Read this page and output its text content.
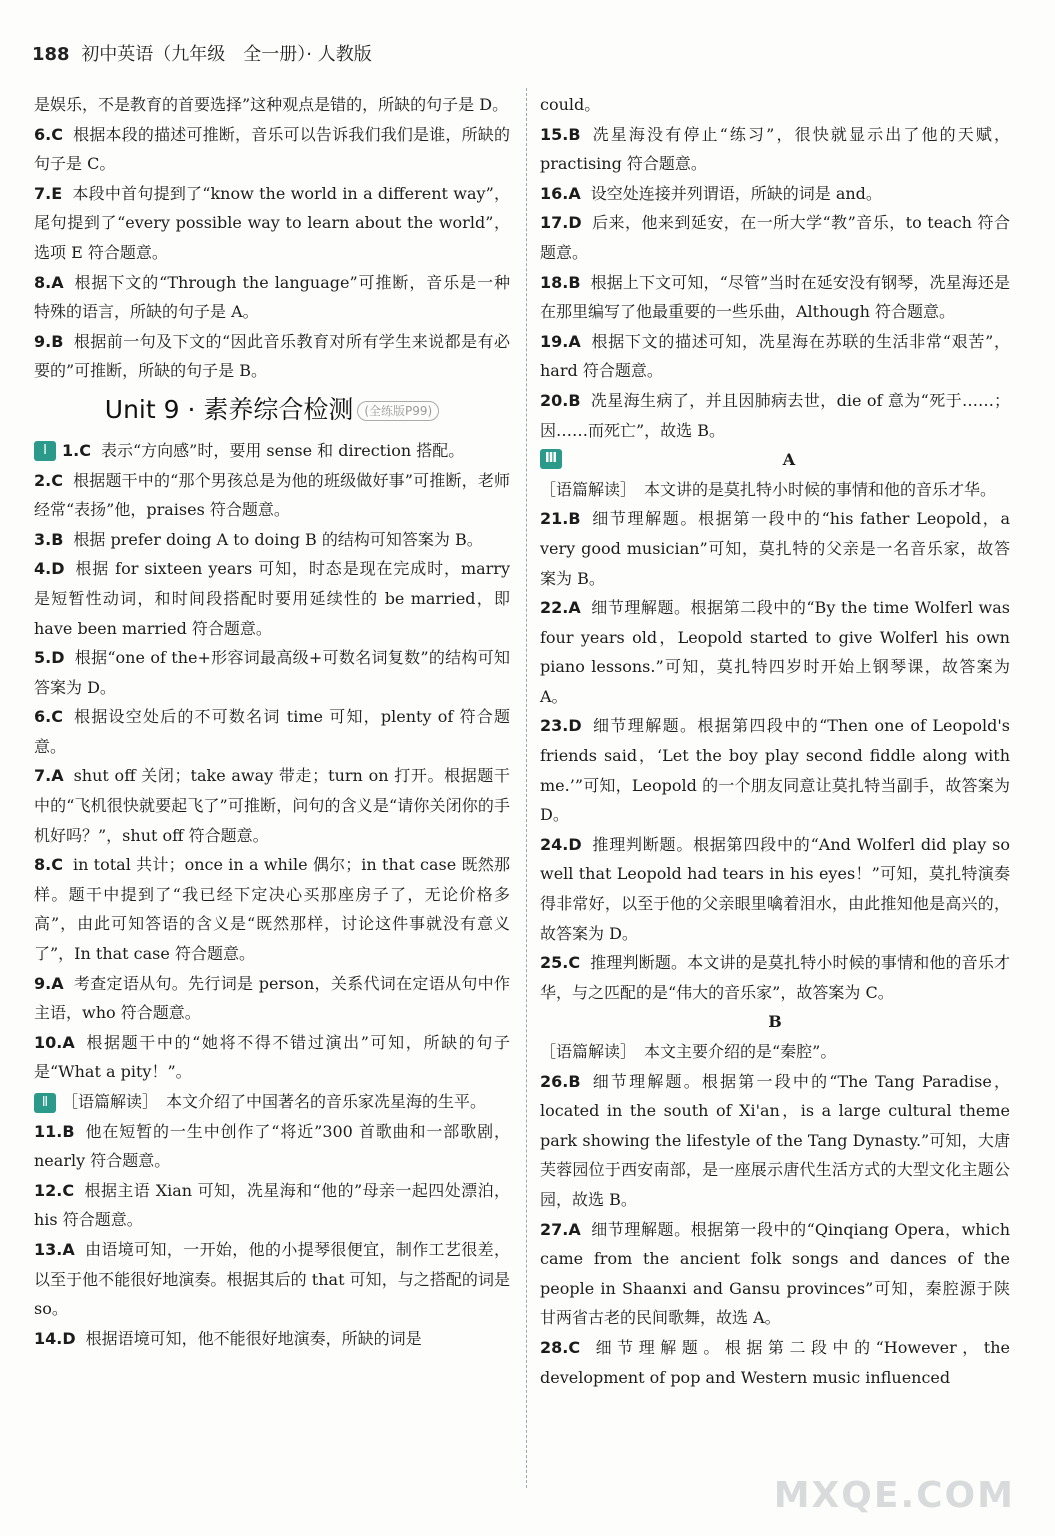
188 初中英语（九年级　全一册）· 人教版
是娱乐，不是教育的首要选择”这种观点是错的，所缺的句子是 D。
6.C 根据本段的描述可推断，音乐可以告诉我们我们是谁，所缺的句子是 C。
7.E 本段中首句提到了“know the world in a different way”，尾句提到了“every possible way to learn about the world”，选项 E 符合题意。
8.A 根据下文的“Through the language”可推断，音乐是一种特殊的语言，所缺的句子是 A。
9.B 根据前一句及下文的“因此音乐教育对所有学生来说都是有必要的”可推断，所缺的句子是 B。
Unit 9 · 素养综合检测 (全练版P99)
Ⅰ 1.C 表示“方向感”时，要用 sense 和 direction 搭配。
2.C 根据题干中的“那个男孩总是为他的班级做好事”可推断，老师经常“表扬”他，praises 符合题意。
3.B 根据 prefer doing A to doing B 的结构可知答案为 B。
4.D 根据 for sixteen years 可知，时态是现在完成时，marry 是短暂性动词，和时间段搭配时要用延续性的 be married，即 have been married 符合题意。
5.D 根据“one of the+形容词最高级+可数名词复数”的结构可知答案为 D。
6.C 根据设空处后的不可数名词 time 可知，plenty of 符合题意。
7.A shut off 关闭；take away 带走；turn on 打开。根据题干中的“飞机很快就要起飞了”可推断，问句的含义是“请你关闭你的手机好吗？”，shut off 符合题意。
8.C in total 共计；once in a while 偶尔；in that case 既然那样。题干中提到了“我已经下定决心买那座房子了，无论价格多高”，由此可知答语的含义是“既然那样，讨论这件事就没有意义了”，In that case 符合题意。
9.A 考查定语从句。先行词是 person，关系代词在定语从句中作主语，who 符合题意。
10.A 根据题干中的“她将不得不错过演出”可知，所缺的句子是“What a pity！”。
Ⅱ ［语篇解读］　本文介绍了中国著名的音乐家冼星海的生平。
11.B 他在短暂的一生中创作了“将近”300 首歌曲和一部歌剧，nearly 符合题意。
12.C 根据主语 Xian 可知，冼星海和“他的”母亲一起四处漂泊，his 符合题意。
13.A 由语境可知，一开始，他的小提琴很便宜，制作工艺很差，以至于他不能很好地演奏。根据其后的 that 可知，与之搭配的词是 so。
14.D 根据语境可知，他不能很好地演奏，所缺的词是
could。
15.B 冼星海没有停止“练习”，很快就显示出了他的天赋，practising 符合题意。
16.A 设空处连接并列谓语，所缺的词是 and。
17.D 后来，他来到延安，在一所大学“教”音乐，to teach 符合题意。
18.B 根据上下文可知，“尽管”当时在延安没有钢琴，冼星海还是在那里编写了他最重要的一些乐曲，Although 符合题意。
19.A 根据下文的描述可知，冼星海在苏联的生活非常“艰苦”，hard 符合题意。
20.B 冼星海生病了，并且因肺病去世，die of 意为“死于……；因……而死亡”，故选 B。
Ⅲ	A
［语篇解读］　本文讲的是莫扎特小时候的事情和他的音乐才华。
21.B 细节理解题。根据第一段中的“his father Leopold，a very good musician”可知，莫扎特的父亲是一名音乐家，故答案为 B。
22.A 细节理解题。根据第二段中的“By the time Wolferl was four years old，Leopold started to give Wolferl his own piano lessons.”可知，莫扎特四岁时开始上钢琴课，故答案为 A。
23.D 细节理解题。根据第四段中的“Then one of Leopold's friends said，‘Let the boy play second fiddle along with me.’”可知，Leopold 的一个朋友同意让莫扎特当副手，故答案为 D。
24.D 推理判断题。根据第四段中的“And Wolferl did play so well that Leopold had tears in his eyes！”可知，莫扎特演奏得非常好，以至于他的父亲眼里噙着泪水，由此推知他是高兴的，故答案为 D。
25.C 推理判断题。本文讲的是莫扎特小时候的事情和他的音乐才华，与之匹配的是“伟大的音乐家”，故答案为 C。
B
［语篇解读］　本文主要介绍的是“秦腔”。
26.B 细节理解题。根据第一段中的“The Tang Paradise，located in the south of Xi'an，is a large cultural theme park showing the lifestyle of the Tang Dynasty.”可知，大唐芙蓉园位于西安南部，是一座展示唐代生活方式的大型文化主题公园，故选 B。
27.A 细节理解题。根据第一段中的“Qinqiang Opera，which came from the ancient folk songs and dances of the people in Shaanxi and Gansu provinces”可知，秦腔源于陕甘两省古老的民间歌舞，故选 A。
28.C 细节理解题。根据第二段中的“However，the development of pop and Western music influenced
MXQE.COM
